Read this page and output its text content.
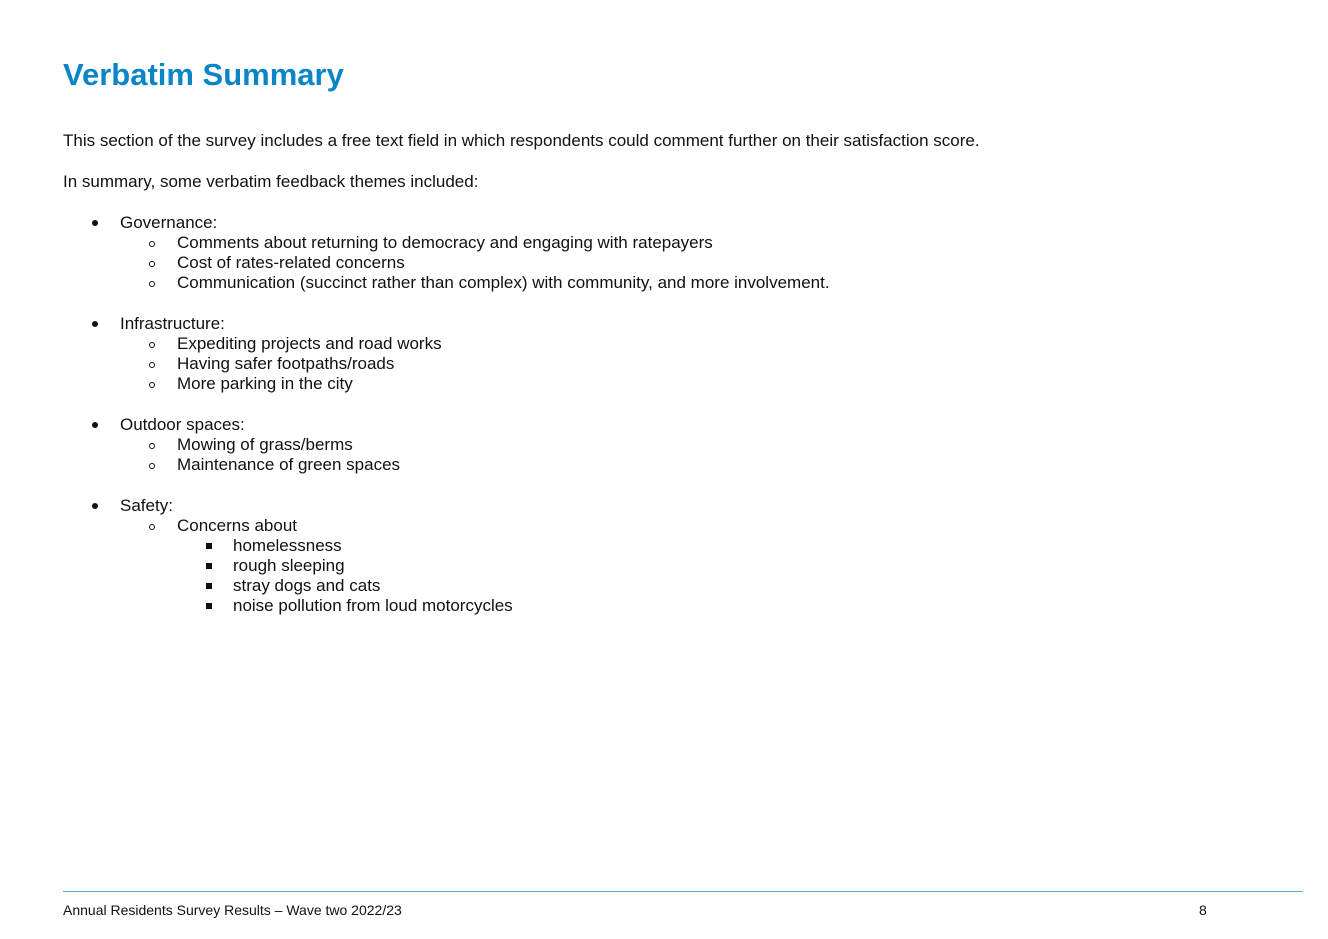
Verbatim Summary

This section of the survey includes a free text field in which respondents could comment further on their satisfaction score.

In summary, some verbatim feedback themes included:

Governance:
Comments about returning to democracy and engaging with ratepayers
Cost of rates-related concerns
Communication (succinct rather than complex) with community, and more involvement.
Infrastructure:
Expediting projects and road works
Having safer footpaths/roads
More parking in the city
Outdoor spaces:
Mowing of grass/berms
Maintenance of green spaces
Safety:
Concerns about
homelessness
rough sleeping
stray dogs and cats
noise pollution from loud motorcycles
Annual Residents Survey Results – Wave two 2022/23	8
